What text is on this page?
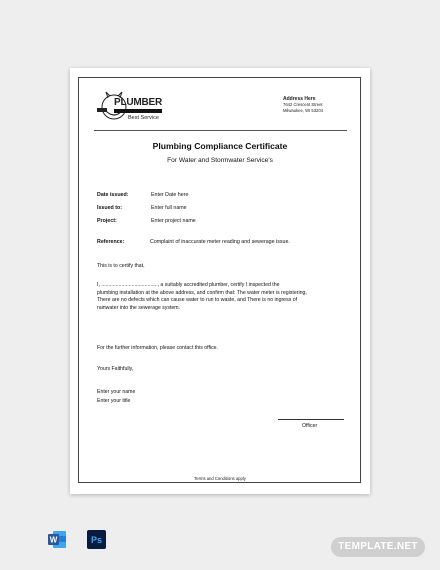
PLUMBER
Best Service
Address Here
7642 Crescent Street
Milwaukee, WI 53204
Plumbing Compliance Certificate
For Water and Stormwater Service's
Date issued:	Enter Date here
Issued to:	Enter full name
Project:	Enter project name
Reference:	Complaint of inaccurate meter reading and sewerage issue.
This is to certify that,
I, ......................................., a suitably accredited plumber, certify I inspected the
plumbing installation at the above address, and confirm that: The water meter is registering,
There are no defects which can cause water to run to waste, and There is no ingress of
rainwater into the sewerage system.
For the further information, please contact this office.
Yours Faithfully,
Enter your name
Enter your title
Officer
Terms and Conditions apply
W	Ps
TEMPLATE.NET
